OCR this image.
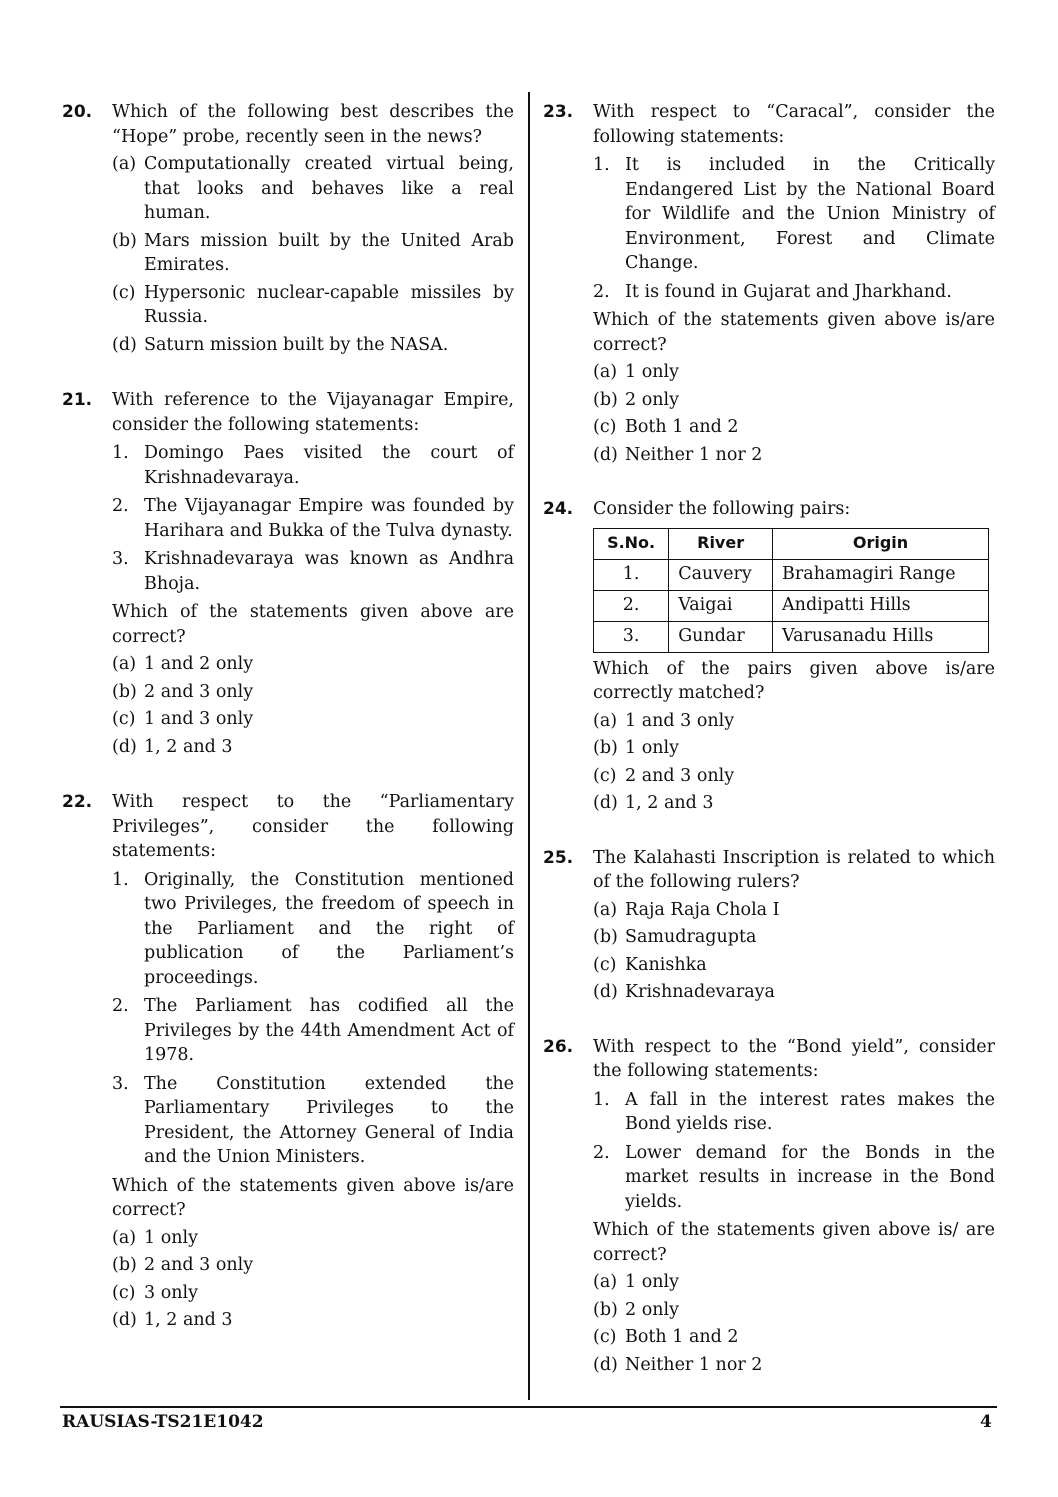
20. Which of the following best describes the “Hope” probe, recently seen in the news?
(a) Computationally created virtual being, that looks and behaves like a real human.
(b) Mars mission built by the United Arab Emirates.
(c) Hypersonic nuclear-capable missiles by Russia.
(d) Saturn mission built by the NASA.
21. With reference to the Vijayanagar Empire, consider the following statements:
1. Domingo Paes visited the court of Krishnadevaraya.
2. The Vijayanagar Empire was founded by Harihara and Bukka of the Tulva dynasty.
3. Krishnadevaraya was known as Andhra Bhoja.
Which of the statements given above are correct?
(a) 1 and 2 only
(b) 2 and 3 only
(c) 1 and 3 only
(d) 1, 2 and 3
22. With respect to the “Parliamentary Privileges”, consider the following statements:
1. Originally, the Constitution mentioned two Privileges, the freedom of speech in the Parliament and the right of publication of the Parliament’s proceedings.
2. The Parliament has codified all the Privileges by the 44th Amendment Act of 1978.
3. The Constitution extended the Parliamentary Privileges to the President, the Attorney General of India and the Union Ministers.
Which of the statements given above is/are correct?
(a) 1 only
(b) 2 and 3 only
(c) 3 only
(d) 1, 2 and 3
23. With respect to “Caracal”, consider the following statements:
1. It is included in the Critically Endangered List by the National Board for Wildlife and the Union Ministry of Environment, Forest and Climate Change.
2. It is found in Gujarat and Jharkhand.
Which of the statements given above is/are correct?
(a) 1 only
(b) 2 only
(c) Both 1 and 2
(d) Neither 1 nor 2
24. Consider the following pairs:
S.No.	River	Origin
1.	Cauvery	Brahamagiri Range
2.	Vaigai	Andipatti Hills
3.	Gundar	Varusanadu Hills
Which of the pairs given above is/are correctly matched?
(a) 1 and 3 only
(b) 1 only
(c) 2 and 3 only
(d) 1, 2 and 3
25. The Kalahasti Inscription is related to which of the following rulers?
(a) Raja Raja Chola I
(b) Samudragupta
(c) Kanishka
(d) Krishnadevaraya
26. With respect to the “Bond yield”, consider the following statements:
1. A fall in the interest rates makes the Bond yields rise.
2. Lower demand for the Bonds in the market results in increase in the Bond yields.
Which of the statements given above is/ are correct?
(a) 1 only
(b) 2 only
(c) Both 1 and 2
(d) Neither 1 nor 2
RAUSIAS-TS21E1042	4
